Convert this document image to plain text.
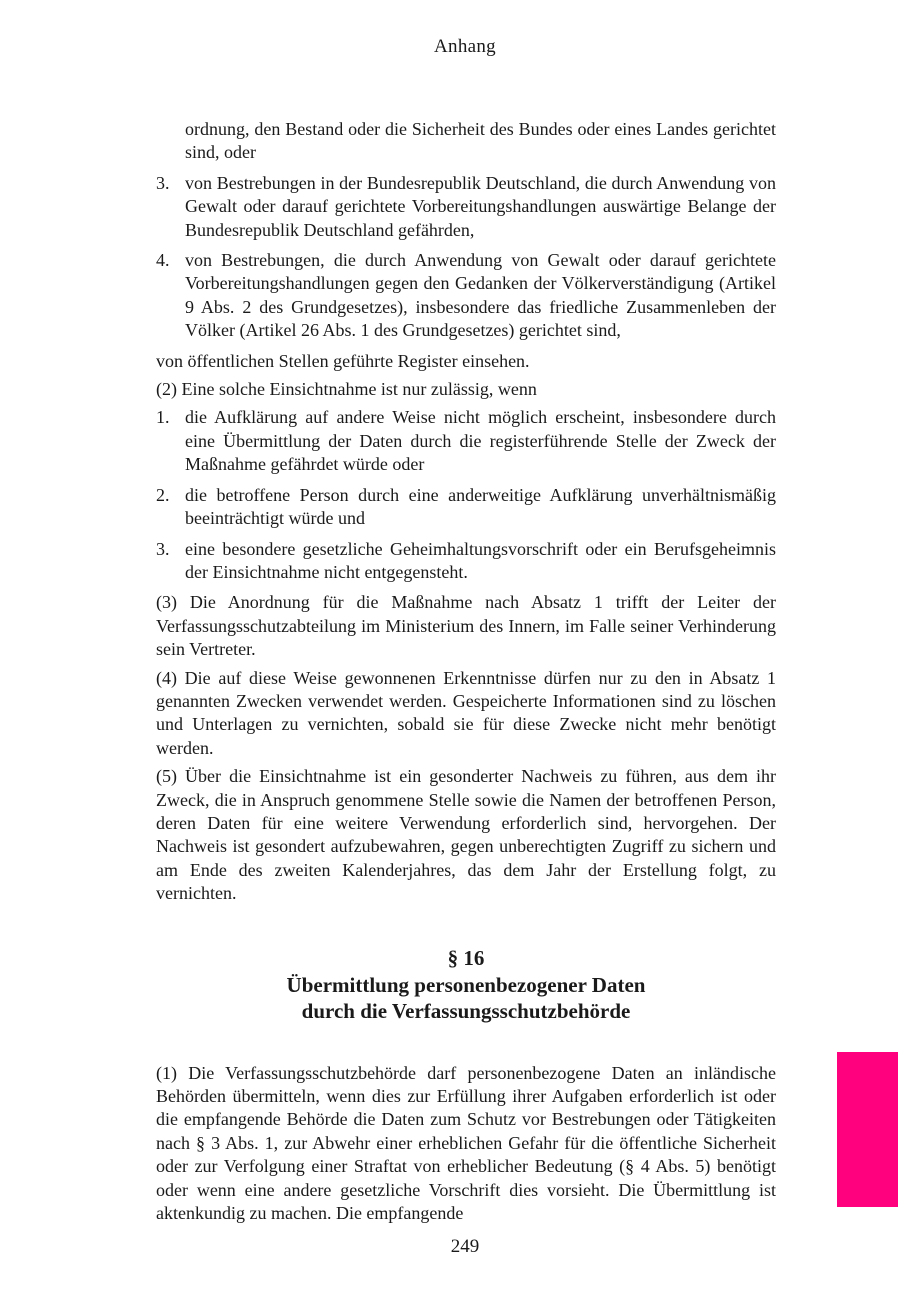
Anhang
ordnung, den Bestand oder die Sicherheit des Bundes oder eines Landes gerichtet sind, oder
3. von Bestrebungen in der Bundesrepublik Deutschland, die durch Anwendung von Gewalt oder darauf gerichtete Vorbereitungshandlungen auswärtige Belange der Bundesrepublik Deutschland gefährden,
4. von Bestrebungen, die durch Anwendung von Gewalt oder darauf gerichtete Vorbereitungshandlungen gegen den Gedanken der Völkerverständigung (Artikel 9 Abs. 2 des Grundgesetzes), insbesondere das friedliche Zusammenleben der Völker (Artikel 26 Abs. 1 des Grundgesetzes) gerichtet sind,
von öffentlichen Stellen geführte Register einsehen.
(2) Eine solche Einsichtnahme ist nur zulässig, wenn
1. die Aufklärung auf andere Weise nicht möglich erscheint, insbesondere durch eine Übermittlung der Daten durch die registerführende Stelle der Zweck der Maßnahme gefährdet würde oder
2. die betroffene Person durch eine anderweitige Aufklärung unverhältnismäßig beeinträchtigt würde und
3. eine besondere gesetzliche Geheimhaltungsvorschrift oder ein Berufsgeheimnis der Einsichtnahme nicht entgegensteht.
(3) Die Anordnung für die Maßnahme nach Absatz 1 trifft der Leiter der Verfassungsschutzabteilung im Ministerium des Innern, im Falle seiner Verhinderung sein Vertreter.
(4) Die auf diese Weise gewonnenen Erkenntnisse dürfen nur zu den in Absatz 1 genannten Zwecken verwendet werden. Gespeicherte Informationen sind zu löschen und Unterlagen zu vernichten, sobald sie für diese Zwecke nicht mehr benötigt werden.
(5) Über die Einsichtnahme ist ein gesonderter Nachweis zu führen, aus dem ihr Zweck, die in Anspruch genommene Stelle sowie die Namen der betroffenen Person, deren Daten für eine weitere Verwendung erforderlich sind, hervorgehen. Der Nachweis ist gesondert aufzubewahren, gegen unberechtigten Zugriff zu sichern und am Ende des zweiten Kalenderjahres, das dem Jahr der Erstellung folgt, zu vernichten.
§ 16
Übermittlung personenbezogener Daten
durch die Verfassungsschutzbehörde
(1) Die Verfassungsschutzbehörde darf personenbezogene Daten an inländische Behörden übermitteln, wenn dies zur Erfüllung ihrer Aufgaben erforderlich ist oder die empfangende Behörde die Daten zum Schutz vor Bestrebungen oder Tätigkeiten nach § 3 Abs. 1, zur Abwehr einer erheblichen Gefahr für die öffentliche Sicherheit oder zur Verfolgung einer Straftat von erheblicher Bedeutung (§ 4 Abs. 5) benötigt oder wenn eine andere gesetzliche Vorschrift dies vorsieht. Die Übermittlung ist aktenkundig zu machen. Die empfangende
249
